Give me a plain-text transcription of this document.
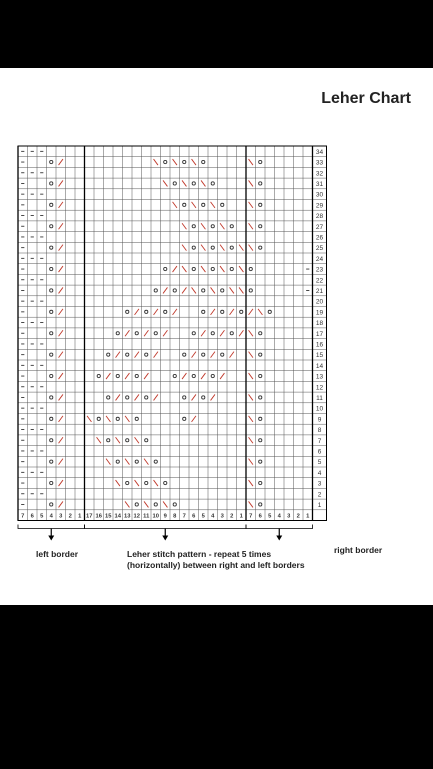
Leher Chart
34
33
32
31
30
29
28
27
26
25
24
23
22
21
20
19
18
17
16
15
14
13
12
11
10
9
8
7
6
5
4
3
2
1
7 6 5 4 3 2 1 17 16 15 14 13 12 11 10 9 8 7 6 5 4 3 2 1 7 6 5 4 3 2 1
left border	Leher stitch pattern - repeat 5 times (horizontally) between right and left borders
right border
